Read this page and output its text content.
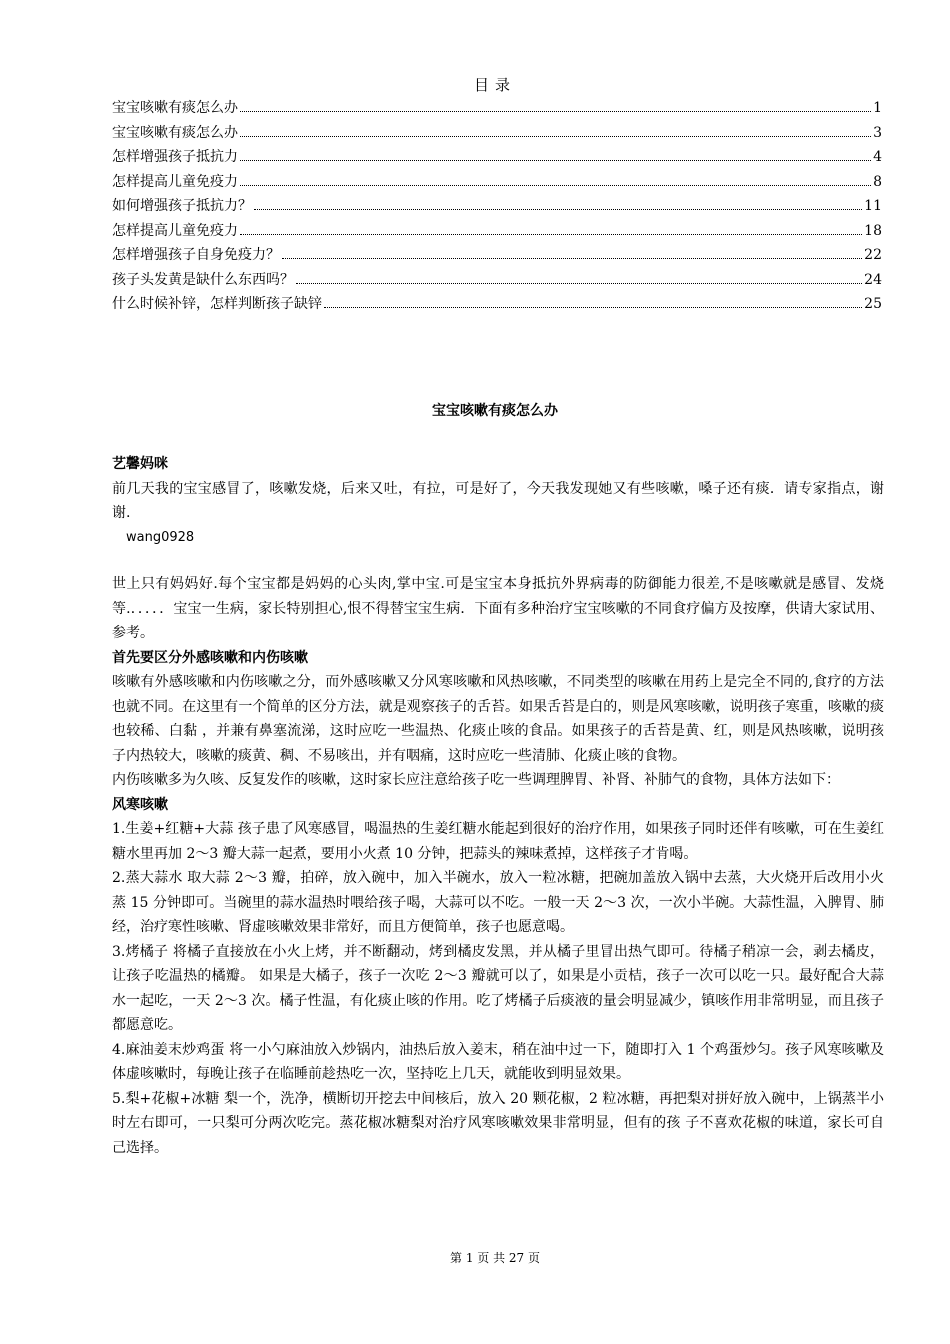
目录
宝宝咳嗽有痰怎么办	1
宝宝咳嗽有痰怎么办	3
怎样增强孩子抵抗力	4
怎样提高儿童免疫力	8
如何增强孩子抵抗力？	11
怎样提高儿童免疫力	18
怎样增强孩子自身免疫力？	22
孩子头发黄是缺什么东西吗？	24
什么时候补锌，怎样判断孩子缺锌	25
宝宝咳嗽有痰怎么办

艺馨妈咪

前几天我的宝宝感冒了，咳嗽发烧，后来又吐，有拉，可是好了，今天我发现她又有些咳嗽，嗓子还有痰．请专家指点，谢谢.

wang0928

世上只有妈妈好.每个宝宝都是妈妈的心头肉,掌中宝.可是宝宝本身抵抗外界病毒的防御能力很差,不是咳嗽就是感冒、发烧等.．．．．．宝宝一生病，家长特别担心,恨不得替宝宝生病．下面有多种治疗宝宝咳嗽的不同食疗偏方及按摩，供请大家试用、参考。

首先要区分外感咳嗽和内伤咳嗽

咳嗽有外感咳嗽和内伤咳嗽之分，而外感咳嗽又分风寒咳嗽和风热咳嗽，不同类型的咳嗽在用药上是完全不同的,食疗的方法也就不同。在这里有一个简单的区分方法，就是观察孩子的舌苔。如果舌苔是白的，则是风寒咳嗽，说明孩子寒重，咳嗽的痰也较稀、白黏 ，并兼有鼻塞流涕，这时应吃一些温热、化痰止咳的食品。如果孩子的舌苔是黄、红，则是风热咳嗽，说明孩子内热较大，咳嗽的痰黄、稠、不易咳出，并有咽痛，这时应吃一些清肺、化痰止咳的食物。

内伤咳嗽多为久咳、反复发作的咳嗽，这时家长应注意给孩子吃一些调理脾胃、补肾、补肺气的食物，具体方法如下：

风寒咳嗽

1.生姜+红糖+大蒜 孩子患了风寒感冒，喝温热的生姜红糖水能起到很好的治疗作用，如果孩子同时还伴有咳嗽，可在生姜红糖水里再加 2～3 瓣大蒜一起煮，要用小火煮 10 分钟，把蒜头的辣味煮掉，这样孩子才肯喝。

2.蒸大蒜水 取大蒜 2～3 瓣，拍碎，放入碗中，加入半碗水，放入一粒冰糖，把碗加盖放入锅中去蒸，大火烧开后改用小火蒸 15 分钟即可。当碗里的蒜水温热时喂给孩子喝，大蒜可以不吃。一般一天 2～3 次，一次小半碗。大蒜性温，入脾胃、肺经，治疗寒性咳嗽、肾虚咳嗽效果非常好，而且方便简单，孩子也愿意喝。

3.烤橘子 将橘子直接放在小火上烤，并不断翻动，烤到橘皮发黑，并从橘子里冒出热气即可。待橘子稍凉一会，剥去橘皮，让孩子吃温热的橘瓣。 如果是大橘子，孩子一次吃 2～3 瓣就可以了，如果是小贡桔，孩子一次可以吃一只。最好配合大蒜水一起吃，一天 2～3 次。橘子性温，有化痰止咳的作用。吃了烤橘子后痰液的量会明显减少，镇咳作用非常明显，而且孩子都愿意吃。

4.麻油姜末炒鸡蛋 将一小勺麻油放入炒锅内，油热后放入姜末，稍在油中过一下，随即打入 1 个鸡蛋炒匀。孩子风寒咳嗽及体虚咳嗽时，每晚让孩子在临睡前趁热吃一次，坚持吃上几天，就能收到明显效果。

5.梨+花椒+冰糖 梨一个，洗净，横断切开挖去中间核后，放入 20 颗花椒，2 粒冰糖，再把梨对拼好放入碗中，上锅蒸半小时左右即可，一只梨可分两次吃完。蒸花椒冰糖梨对治疗风寒咳嗽效果非常明显，但有的孩 子不喜欢花椒的味道，家长可自己选择。

第 1 页 共 27 页
